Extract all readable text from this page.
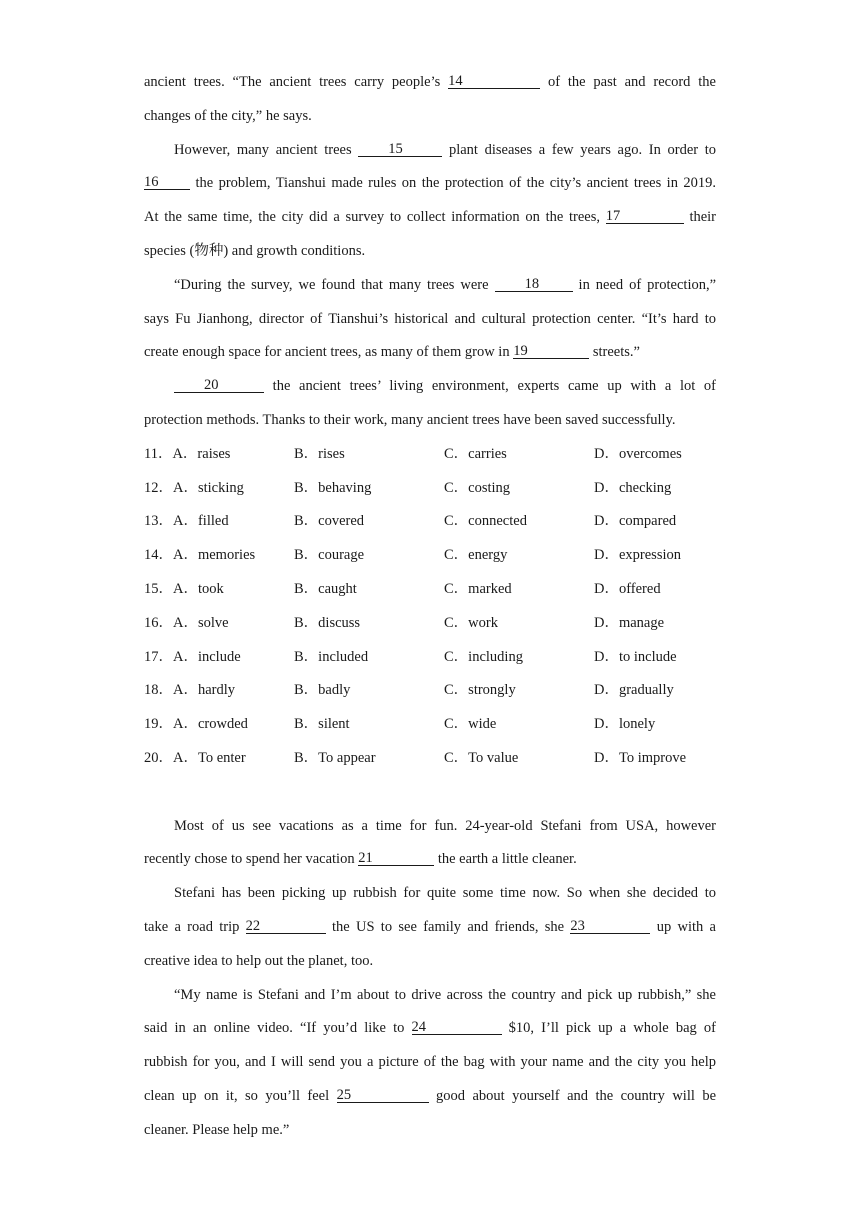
ancient trees. “The ancient trees carry people’s 14	of the past and record the

changes of the city,” he says.

However, many ancient trees	15	plant diseases a few years ago. In order to

16	the problem, Tianshui made rules on the protection of the city’s ancient trees in 2019.

At the same time, the city did a survey to collect information on the trees, 17	their

species (物种) and growth conditions.

“During the survey, we found that many trees were 18	in need of protection,”

says Fu Jianhong, director of Tianshui’s historical and cultural protection center. “It’s hard to

create enough space for ancient trees, as many of them grow in 19	streets.”

20	the ancient trees’ living environment, experts came up with a lot of

protection methods. Thanks to their work, many ancient trees have been saved successfully.

11．A．raises	B．rises	C．carries	D．overcomes
12．A．sticking	B．behaving	C．costing	D．checking
13．A．filled	B．covered	C．connected	D．compared
14．A．memories	B．courage	C．energy	D．expression
15．A．took	B．caught	C．marked	D．offered
16．A．solve	B．discuss	C．work	D．manage
17．A．include	B．included	C．including	D．to include
18．A．hardly	B．badly	C．strongly	D．gradually
19．A．crowded	B．silent	C．wide	D．lonely
20．A．To enter	B．To appear	C．To value	D．To improve

Most of us see vacations as a time for fun. 24-year-old Stefani from USA, however

recently chose to spend her vacation 21	the earth a little cleaner.

Stefani has been picking up rubbish for quite some time now. So when she decided to

take a road trip 22	the US to see family and friends, she 23	up with a

creative idea to help out the planet, too.

“My name is Stefani and I’m about to drive across the country and pick up rubbish,” she

said in an online video. “If you’d like to 24	$10, I’ll pick up a whole bag of

rubbish for you, and I will send you a picture of the bag with your name and the city you help

clean up on it, so you’ll feel 25	good about yourself and the country will be

cleaner. Please help me.”
